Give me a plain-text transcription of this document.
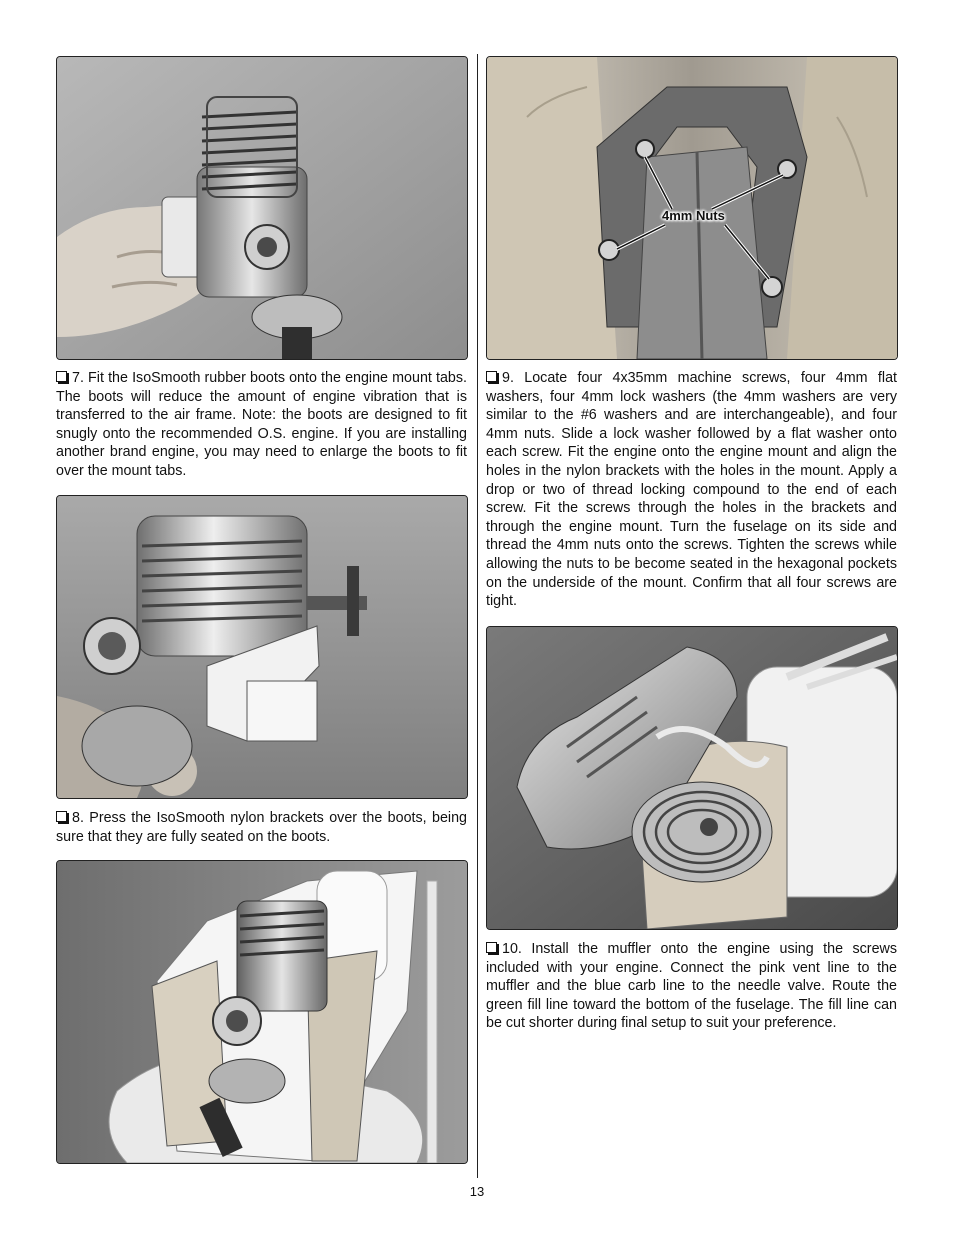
7. Fit the IsoSmooth rubber boots onto the engine mount tabs. The boots will reduce the amount of engine vibration that is transferred to the air frame. Note: the boots are designed to fit snugly onto the recommended O.S. engine. If you are installing another brand engine, you may need to enlarge the boots to fit over the mount tabs.

8. Press the IsoSmooth nylon brackets over the boots, being sure that they are fully seated on the boots.

4mm Nuts

9. Locate four 4x35mm machine screws, four 4mm flat washers, four 4mm lock washers (the 4mm washers are very similar to the #6 washers and are interchangeable), and four 4mm nuts. Slide a lock washer followed by a flat washer onto each screw. Fit the engine onto the engine mount and align the holes in the nylon brackets with the holes in the mount. Apply a drop or two of thread locking compound to the end of each screw. Fit the screws through the holes in the brackets and through the engine mount. Turn the fuselage on its side and thread the 4mm nuts onto the screws. Tighten the screws while allowing the nuts to be become seated in the hexagonal pockets on the underside of the mount. Confirm that all four screws are tight.

10. Install the muffler onto the engine using the screws included with your engine. Connect the pink vent line to the muffler and the blue carb line to the needle valve. Route the green fill line toward the bottom of the fuselage. The fill line can be cut shorter during final setup to suit your preference.

13
